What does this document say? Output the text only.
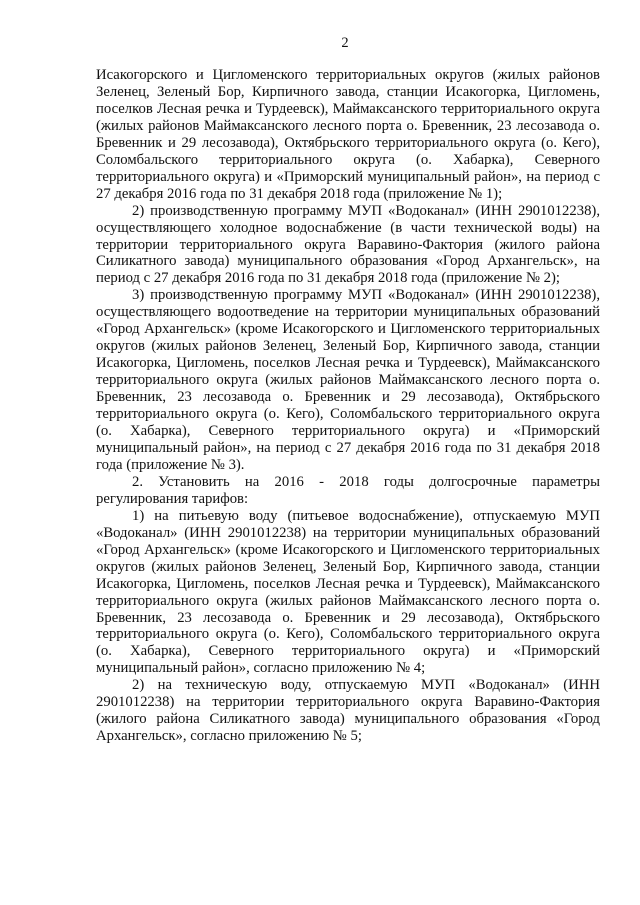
2

Исакогорского и Цигломенского территориальных округов (жилых районов Зеленец, Зеленый Бор, Кирпичного завода, станции Исакогорка, Цигломень, поселков Лесная речка и Турдеевск), Маймаксанского территориального округа (жилых районов Маймаксанского лесного порта о. Бревенник, 23 лесозавода о. Бревенник и 29 лесозавода), Октябрьского территориального округа (о. Кего), Соломбальского территориального округа (о. Хабарка), Северного территориального округа) и «Приморский муниципальный район», на период с 27 декабря 2016 года по 31 декабря 2018 года (приложение № 1);

2) производственную программу МУП «Водоканал» (ИНН 2901012238), осуществляющего холодное водоснабжение (в части технической воды) на территории территориального округа Варавино-Фактория (жилого района Силикатного завода) муниципального образования «Город Архангельск», на период с 27 декабря 2016 года по 31 декабря 2018 года (приложение № 2);

3) производственную программу МУП «Водоканал» (ИНН 2901012238), осуществляющего водоотведение на территории муниципальных образований «Город Архангельск» (кроме Исакогорского и Цигломенского территориальных округов (жилых районов Зеленец, Зеленый Бор, Кирпичного завода, станции Исакогорка, Цигломень, поселков Лесная речка и Турдеевск), Маймаксанского территориального округа (жилых районов Маймаксанского лесного порта о. Бревенник, 23 лесозавода о. Бревенник и 29 лесозавода), Октябрьского территориального округа (о. Кего), Соломбальского территориального округа (о. Хабарка), Северного территориального округа) и «Приморский муниципальный район», на период с 27 декабря 2016 года по 31 декабря 2018 года (приложение № 3).

2. Установить на 2016 - 2018 годы долгосрочные параметры регулирования тарифов:

1) на питьевую воду (питьевое водоснабжение), отпускаемую МУП «Водоканал» (ИНН 2901012238) на территории муниципальных образований «Город Архангельск» (кроме Исакогорского и Цигломенского территориальных округов (жилых районов Зеленец, Зеленый Бор, Кирпичного завода, станции Исакогорка, Цигломень, поселков Лесная речка и Турдеевск), Маймаксанского территориального округа (жилых районов Маймаксанского лесного порта о. Бревенник, 23 лесозавода о. Бревенник и 29 лесозавода), Октябрьского территориального округа (о. Кего), Соломбальского территориального округа (о. Хабарка), Северного территориального округа) и «Приморский муниципальный район», согласно приложению № 4;

2) на техническую воду, отпускаемую МУП «Водоканал» (ИНН 2901012238) на территории территориального округа Варавино-Фактория (жилого района Силикатного завода) муниципального образования «Город Архангельск», согласно приложению № 5;
